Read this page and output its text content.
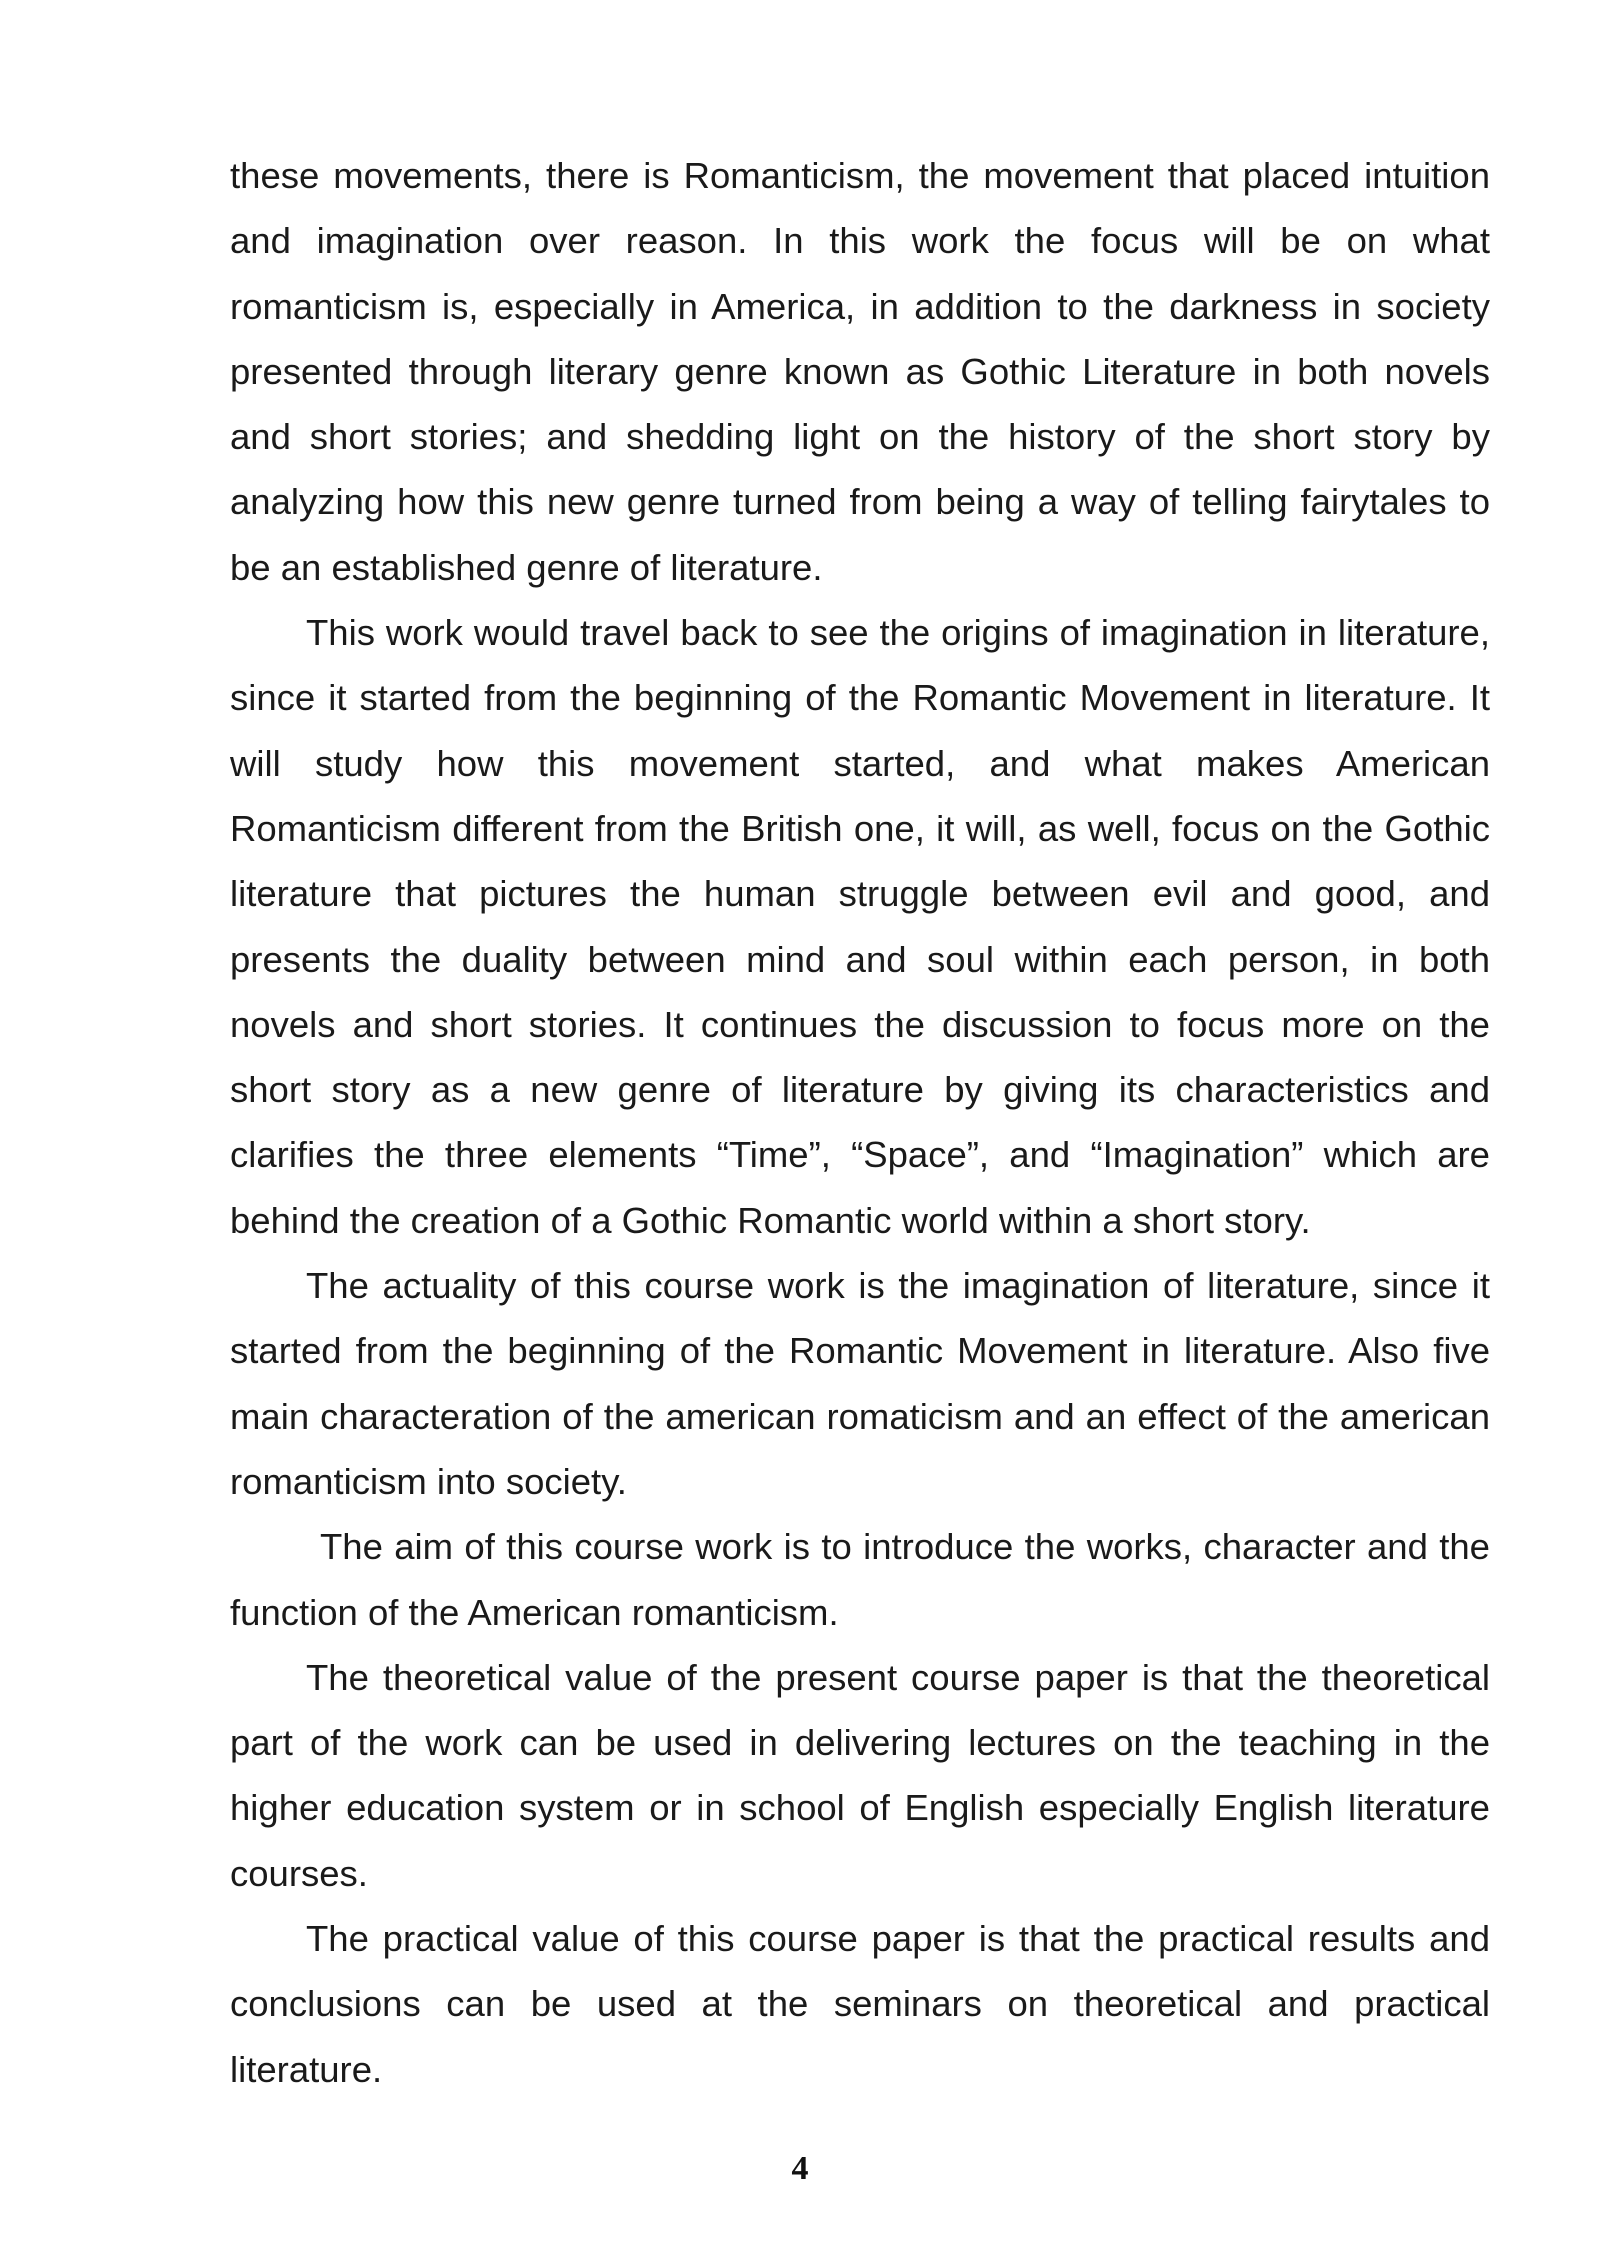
these movements, there is Romanticism, the movement that placed intuition and imagination over reason. In this work the focus will be on what romanticism is, especially in America, in addition to the darkness in society presented through literary genre known as Gothic Literature in both novels and short stories; and shedding light on the history of the short story by analyzing how this new genre turned from being a way of telling fairytales to be an established genre of literature.

This work would travel back to see the origins of imagination in literature, since it started from the beginning of the Romantic Movement in literature. It will study how this movement started, and what makes American Romanticism different from the British one, it will, as well, focus on the Gothic literature that pictures the human struggle between evil and good, and presents the duality between mind and soul within each person, in both novels and short stories. It continues the discussion to focus more on the short story as a new genre of literature by giving its characteristics and clarifies the three elements “Time”, “Space”, and “Imagination” which are behind the creation of a Gothic Romantic world within a short story.

The actuality of this course work is the imagination of literature, since it started from the beginning of the Romantic Movement in literature. Also five main characteration of the american romaticism and an effect of the american romanticism into society.

The aim of this course work is to introduce the works, character and the function of the American romanticism.

The theoretical value of the present course paper is that the theoretical part of the work can be used in delivering lectures on the teaching in the higher education system or in school of English especially English literature courses.

The practical value of this course paper is that the practical results and conclusions can be used at the seminars on theoretical and practical literature.

4
